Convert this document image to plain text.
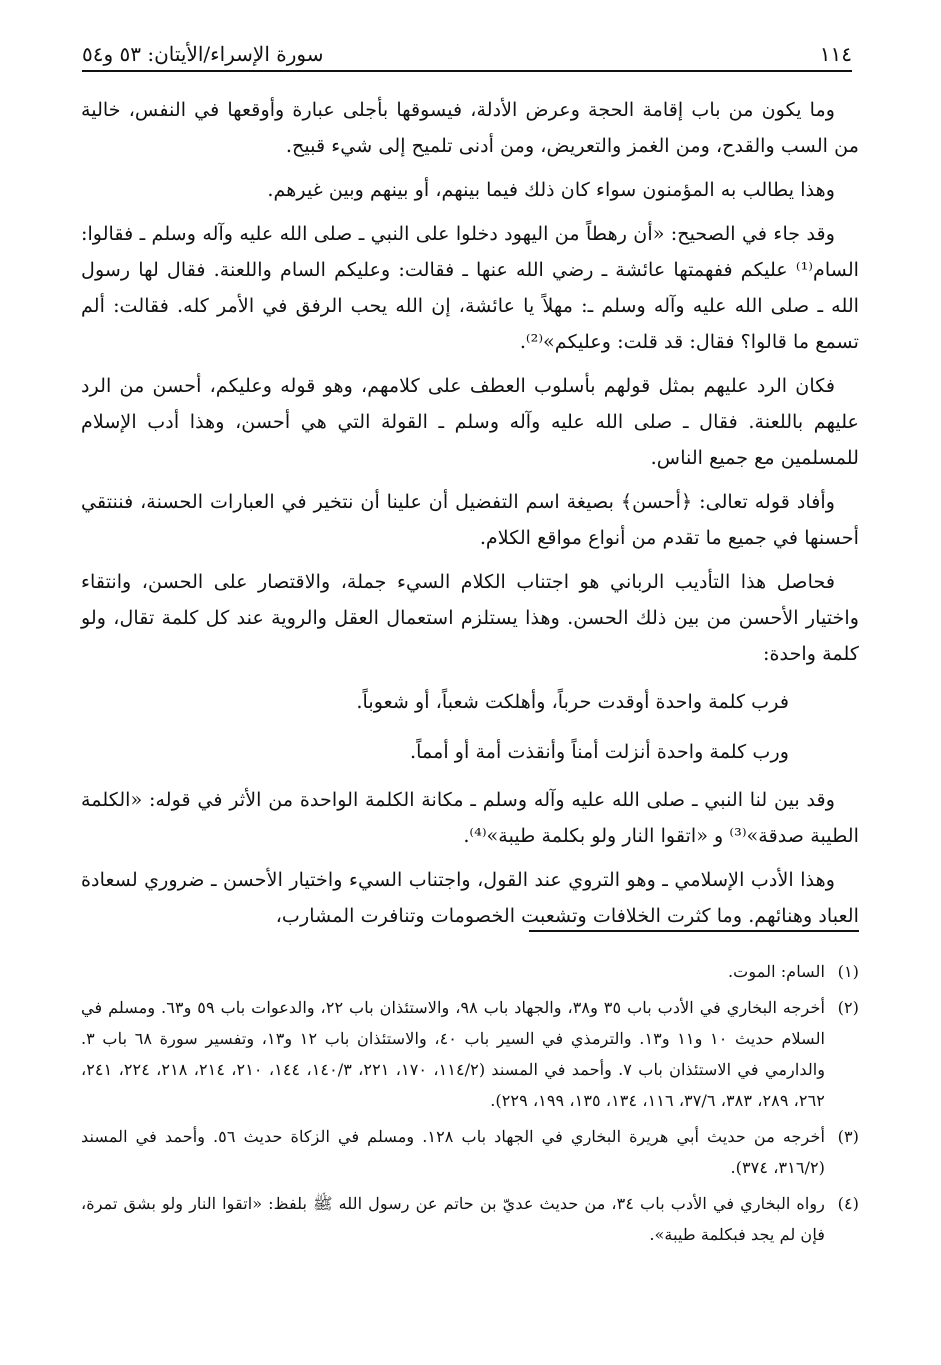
١١٤
سورة الإسراء/الأيتان: ٥٣ و٥٤

وما يكون من باب إقامة الحجة وعرض الأدلة، فيسوقها بأجلى عبارة وأوقعها في النفس، خالية من السب والقدح، ومن الغمز والتعريض، ومن أدنى تلميح إلى شيء قبيح.

وهذا يطالب به المؤمنون سواء كان ذلك فيما بينهم، أو بينهم وبين غيرهم.

وقد جاء في الصحيح: «أن رهطاً من اليهود دخلوا على النبي ـ صلى الله عليه وآله وسلم ـ فقالوا: السام⁽¹⁾ عليكم ففهمتها عائشة ـ رضي الله عنها ـ فقالت: وعليكم السام واللعنة. فقال لها رسول الله ـ صلى الله عليه وآله وسلم ـ: مهلاً يا عائشة، إن الله يحب الرفق في الأمر كله. فقالت: ألم تسمع ما قالوا؟ فقال: قد قلت: وعليكم»⁽²⁾.

فكان الرد عليهم بمثل قولهم بأسلوب العطف على كلامهم، وهو قوله وعليكم، أحسن من الرد عليهم باللعنة. فقال ـ صلى الله عليه وآله وسلم ـ القولة التي هي أحسن، وهذا أدب الإسلام للمسلمين مع جميع الناس.

وأفاد قوله تعالى: ﴿أحسن﴾ بصيغة اسم التفضيل أن علينا أن نتخير في العبارات الحسنة، فننتقي أحسنها في جميع ما تقدم من أنواع مواقع الكلام.

فحاصل هذا التأديب الرباني هو اجتناب الكلام السيء جملة، والاقتصار على الحسن، وانتقاء واختيار الأحسن من بين ذلك الحسن. وهذا يستلزم استعمال العقل والروية عند كل كلمة تقال، ولو كلمة واحدة:

فرب كلمة واحدة أوقدت حرباً، وأهلكت شعباً، أو شعوباً.

ورب كلمة واحدة أنزلت أمناً وأنقذت أمة أو أمماً.

وقد بين لنا النبي ـ صلى الله عليه وآله وسلم ـ مكانة الكلمة الواحدة من الأثر في قوله: «الكلمة الطيبة صدقة»⁽³⁾ و «اتقوا النار ولو بكلمة طيبة»⁽⁴⁾.

وهذا الأدب الإسلامي ـ وهو التروي عند القول، واجتناب السيء واختيار الأحسن ـ ضروري لسعادة العباد وهنائهم. وما كثرت الخلافات وتشعبت الخصومات وتنافرت المشارب،

(١)
السام: الموت.
(٢)
أخرجه البخاري في الأدب باب ٣٥ و٣٨، والجهاد باب ٩٨، والاستئذان باب ٢٢، والدعوات باب ٥٩ و٦٣. ومسلم في السلام حديث ١٠ و١١ و١٣. والترمذي في السير باب ٤٠، والاستئذان باب ١٢ و١٣، وتفسير سورة ٦٨ باب ٣. والدارمي في الاستئذان باب ٧. وأحمد في المسند (١١٤/٢، ١٧٠، ٢٢١، ١٤٠/٣، ١٤٤، ٢١٠، ٢١٤، ٢١٨، ٢٢٤، ٢٤١، ٢٦٢، ٢٨٩، ٣٨٣، ٣٧/٦، ١١٦، ١٣٤، ١٣٥، ١٩٩، ٢٢٩).
(٣)
أخرجه من حديث أبي هريرة البخاري في الجهاد باب ١٢٨. ومسلم في الزكاة حديث ٥٦. وأحمد في المسند (٣١٦/٢، ٣٧٤).
(٤)
رواه البخاري في الأدب باب ٣٤، من حديث عديّ بن حاتم عن رسول الله ﷺ بلفظ: «اتقوا النار ولو بشق تمرة، فإن لم يجد فبكلمة طيبة».
